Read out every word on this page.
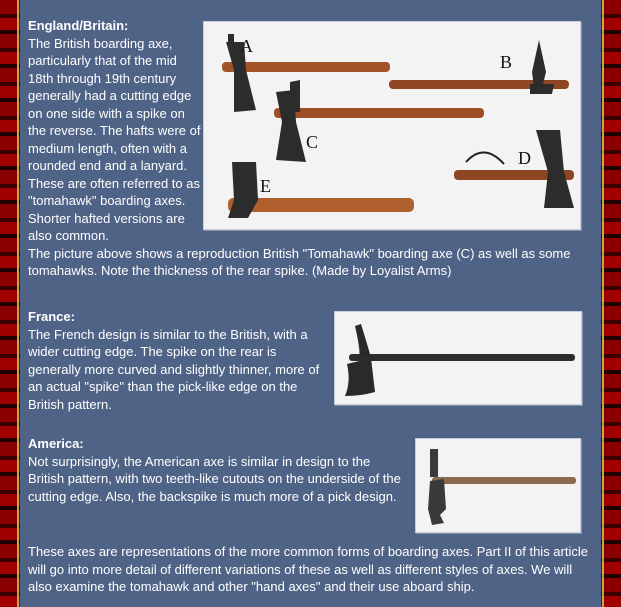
England/Britain:
The British boarding axe,
particularly that of the mid
18th through 19th century
generally had a cutting edge
on one side with a spike on
the reverse. The hafts were of
medium length, often with a
rounded end and a lanyard.
These are often referred to as
"tomahawk" boarding axes.
Shorter hafted versions are
also common.
The picture above shows a reproduction British "Tomahawk" boarding axe (C) as well as some
tomahawks. Note the thickness of the rear spike. (Made by Loyalist Arms)
A
B
C
D
E
France:
The French design is similar to the British, with a
wider cutting edge. The spike on the rear is
generally more curved and slightly thinner, more of
an actual "spike" than the pick-like edge on the
British pattern.
America:
Not surprisingly, the American axe is similar in design to the
British pattern, with two teeth-like cutouts on the underside of the
cutting edge. Also, the backspike is much more of a pick design.
These axes are representations of the more common forms of boarding axes. Part II of this article
will go into more detail of different variations of these as well as different styles of axes. We will
also examine the tomahawk and other "hand axes" and their use aboard ship.
